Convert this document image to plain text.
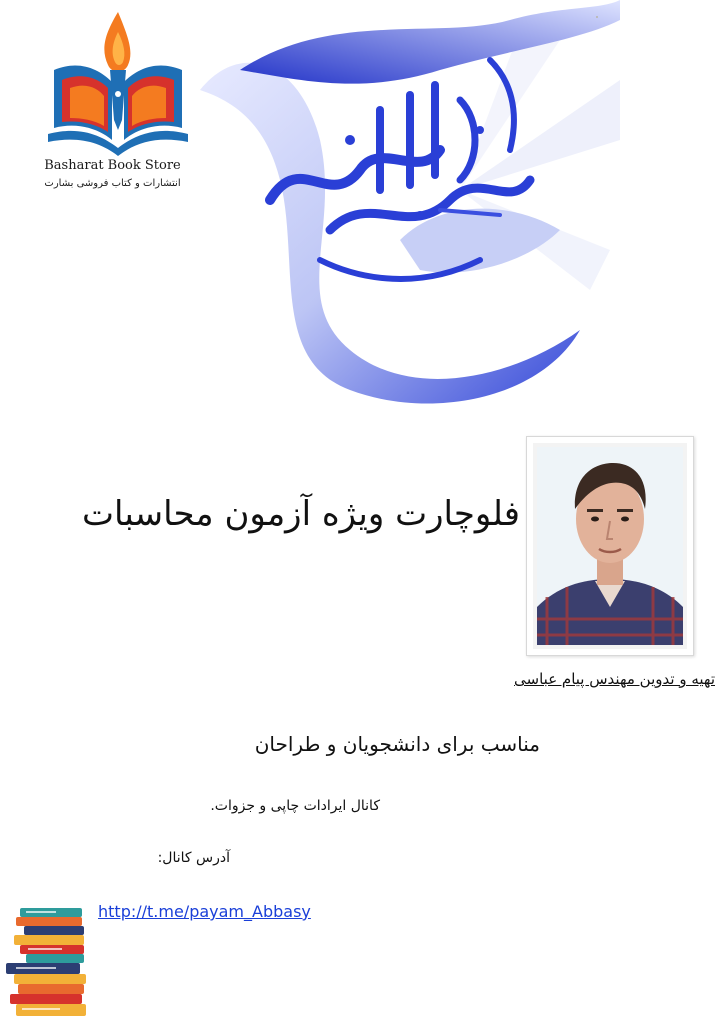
Basharat Book Store
انتشارات و کتاب فروشی بشارت
فلوچارت ویژه آزمون محاسبات
تهیه و تدوین مهندس پیام عباسی
مناسب برای دانشجویان و طراحان
کانال ایرادات چاپی و جزوات.
آدرس کانال:
http://t.me/payam_Abbasy
